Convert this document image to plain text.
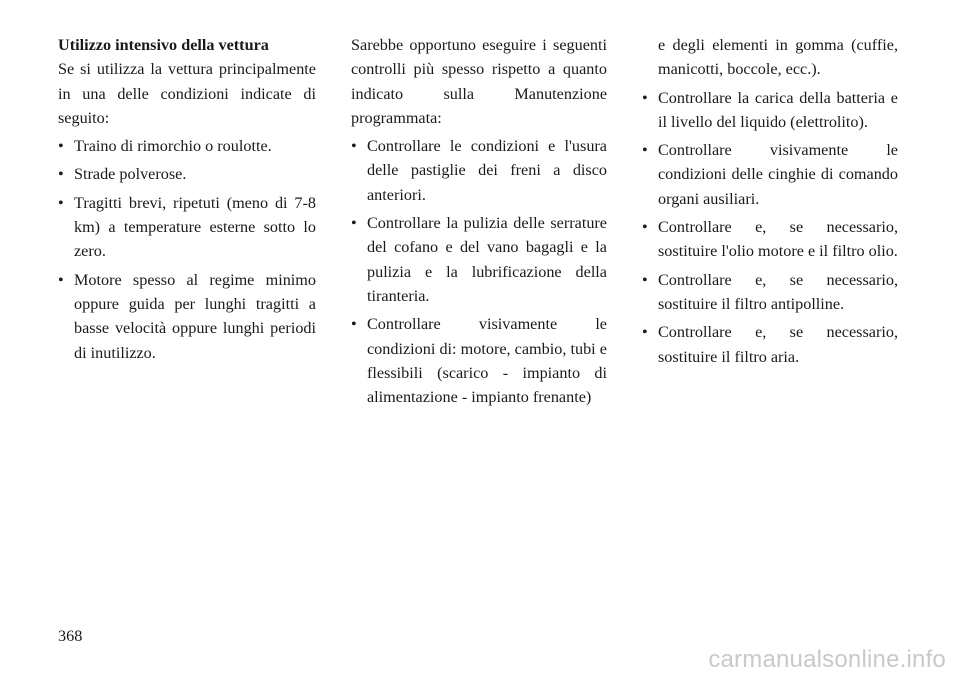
Utilizzo intensivo della vettura

Se si utilizza la vettura principalmente in una delle condizioni indicate di seguito:

• Traino di rimorchio o roulotte.
• Strade polverose.
• Tragitti brevi, ripetuti (meno di 7-8 km) a temperature esterne sotto lo zero.
• Motore spesso al regime minimo oppure guida per lunghi tragitti a basse velocità oppure lunghi periodi di inutilizzo.

Sarebbe opportuno eseguire i seguenti controlli più spesso rispetto a quanto indicato sulla Manutenzione programmata:

• Controllare le condizioni e l'usura delle pastiglie dei freni a disco anteriori.
• Controllare la pulizia delle serrature del cofano e del vano bagagli e la pulizia e la lubrificazione della tiranteria.
• Controllare visivamente le condizioni di: motore, cambio, tubi e flessibili (scarico - impianto di alimentazione - impianto frenante)

e degli elementi in gomma (cuffie, manicotti, boccole, ecc.).

• Controllare la carica della batteria e il livello del liquido (elettrolito).
• Controllare visivamente le condizioni delle cinghie di comando organi ausiliari.
• Controllare e, se necessario, sostituire l'olio motore e il filtro olio.
• Controllare e, se necessario, sostituire il filtro antipolline.
• Controllare e, se necessario, sostituire il filtro aria.

368

carmanualsonline.info
